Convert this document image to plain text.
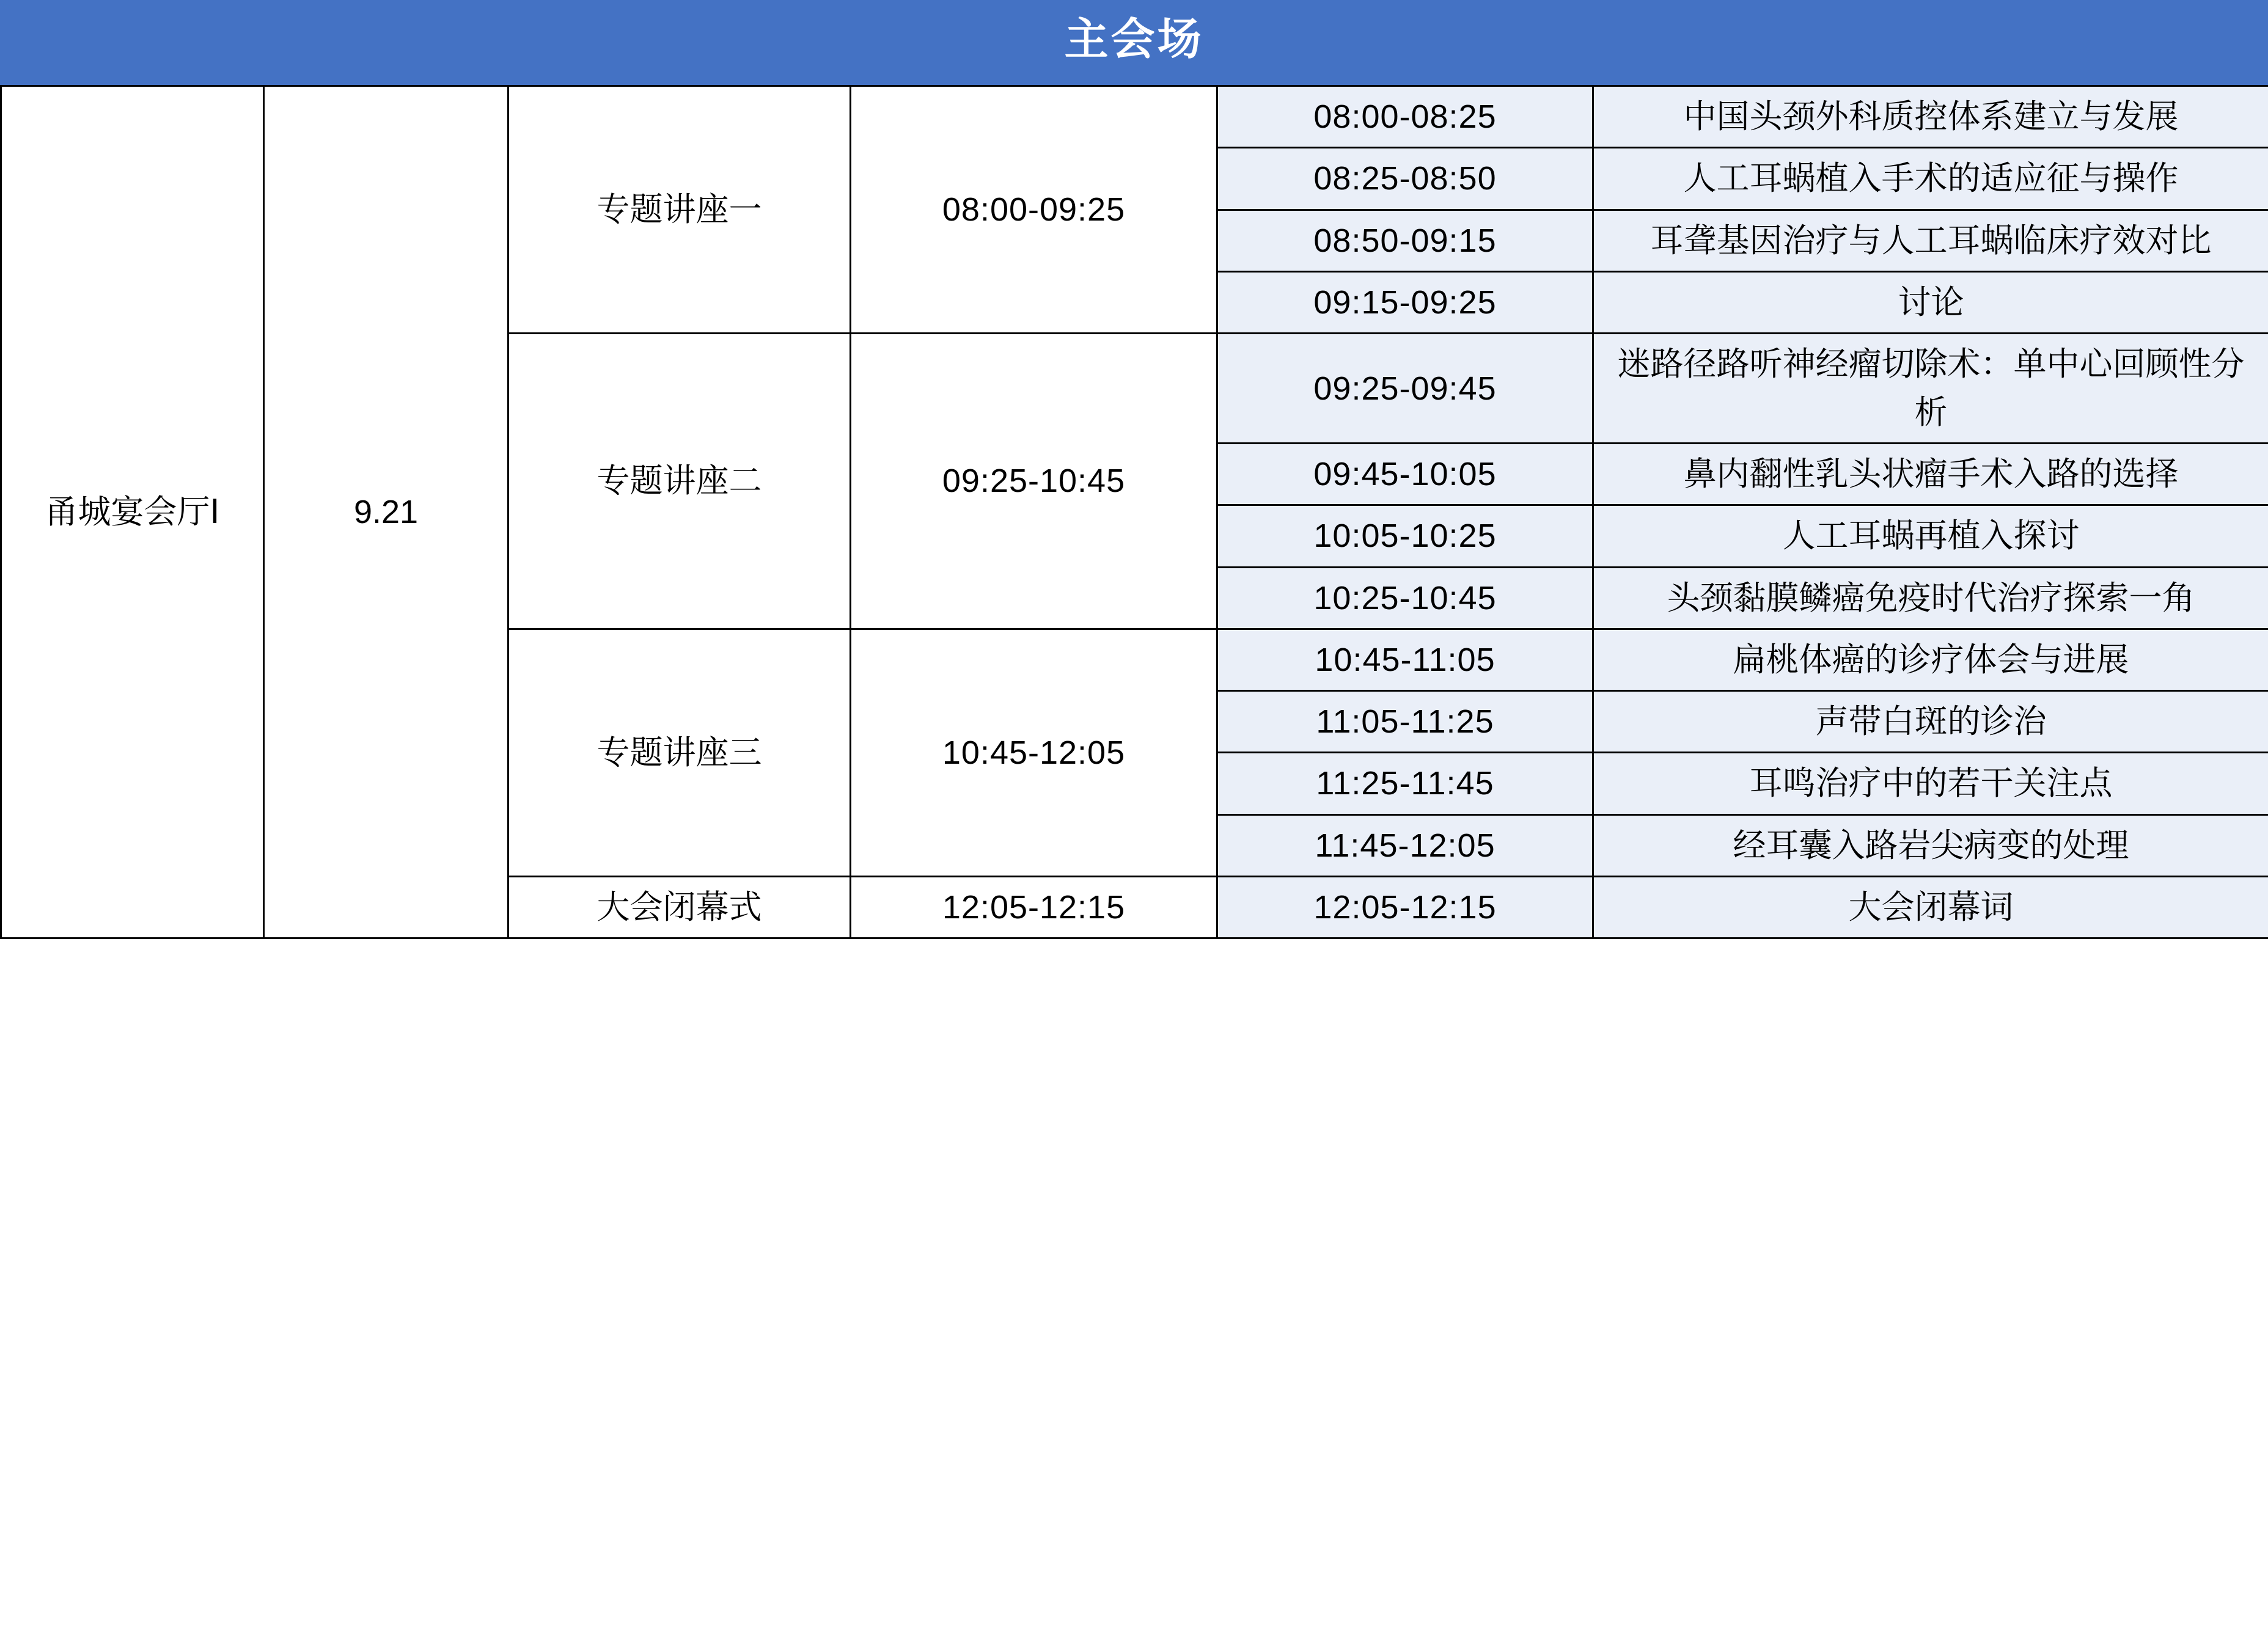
主会场
甬城宴会厅Ⅰ	9.21	专题讲座一	08:00-09:25	08:00-08:25	中国头颈外科质控体系建立与发展
				08:25-08:50	人工耳蜗植入手术的适应征与操作
				08:50-09:15	耳聋基因治疗与人工耳蜗临床疗效对比
				09:15-09:25	讨论
		专题讲座二	09:25-10:45	09:25-09:45	迷路径路听神经瘤切除术：单中心回顾性分析
				09:45-10:05	鼻内翻性乳头状瘤手术入路的选择
				10:05-10:25	人工耳蜗再植入探讨
				10:25-10:45	头颈黏膜鳞癌免疫时代治疗探索一角
		专题讲座三	10:45-12:05	10:45-11:05	扁桃体癌的诊疗体会与进展
				11:05-11:25	声带白斑的诊治
				11:25-11:45	耳鸣治疗中的若干关注点
				11:45-12:05	经耳囊入路岩尖病变的处理
		大会闭幕式	12:05-12:15	12:05-12:15	大会闭幕词
